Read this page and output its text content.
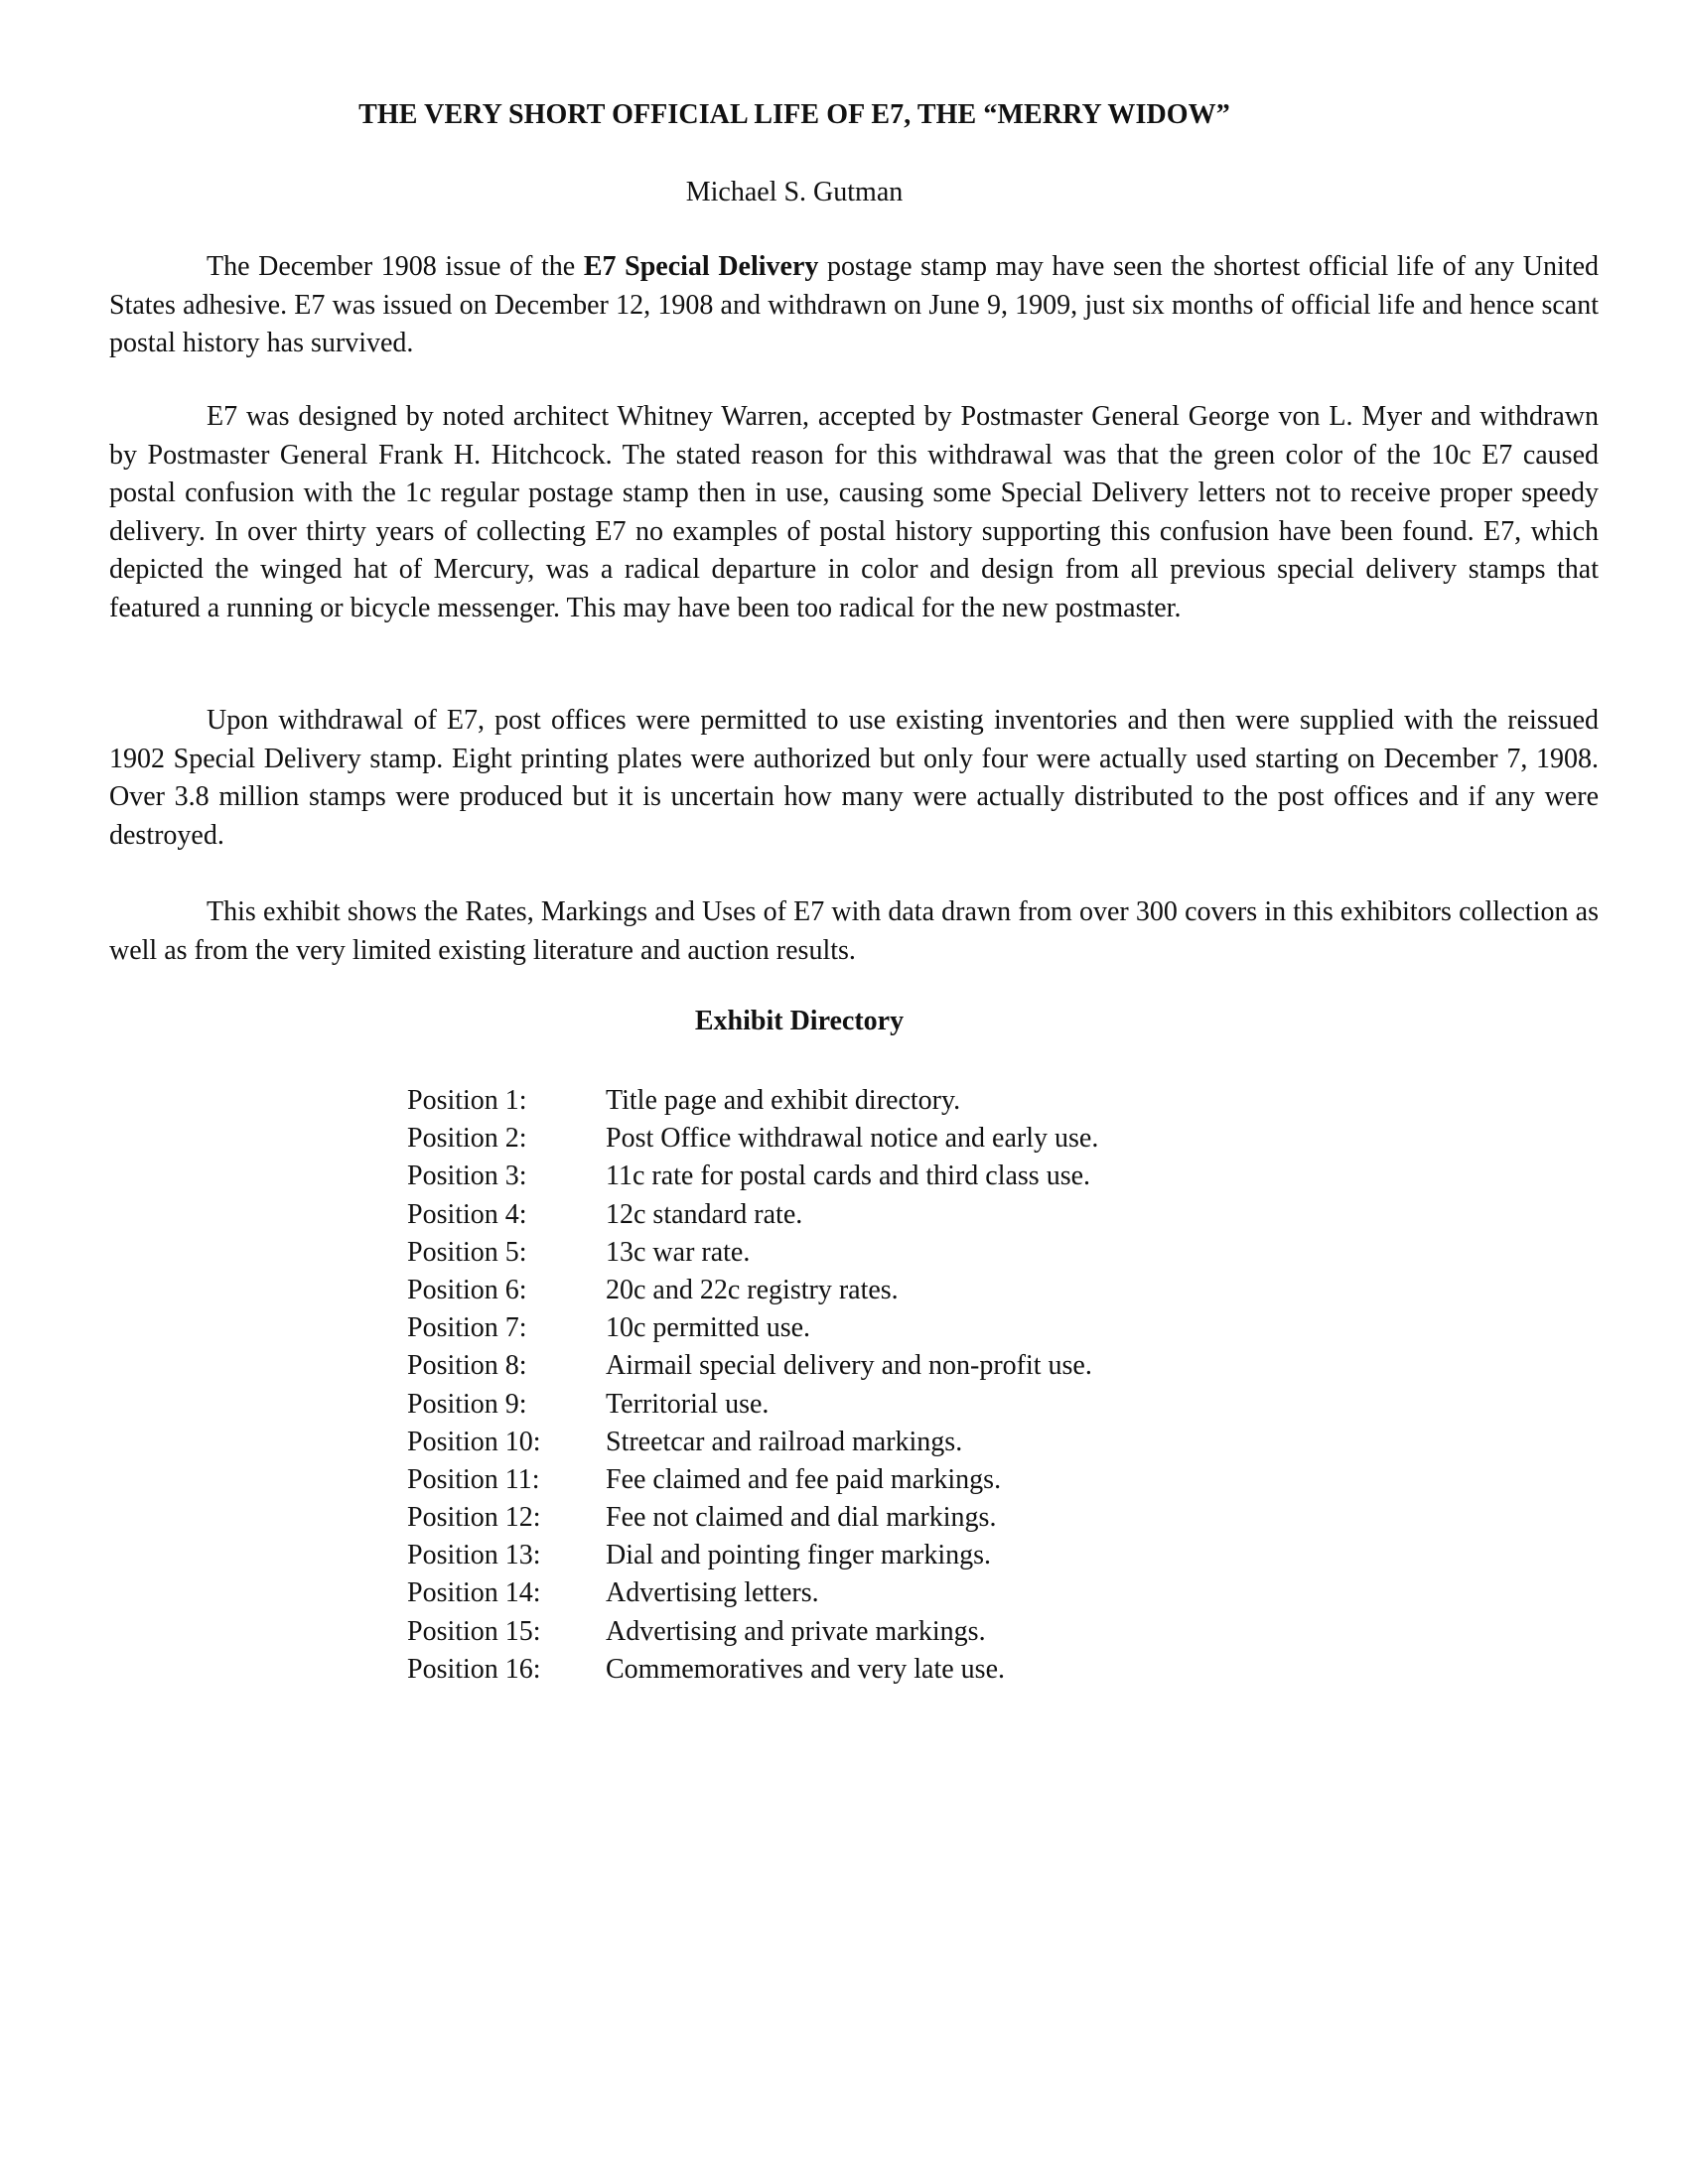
THE VERY SHORT OFFICIAL LIFE OF E7, THE “MERRY WIDOW”

Michael S. Gutman

The December 1908 issue of the E7 Special Delivery postage stamp may have seen the shortest official life of any United States adhesive. E7 was issued on December 12, 1908 and withdrawn on June 9, 1909, just six months of official life and hence scant postal history has survived.

E7 was designed by noted architect Whitney Warren, accepted by Postmaster General George von L. Myer and withdrawn by Postmaster General Frank H. Hitchcock. The stated reason for this withdrawal was that the green color of the 10c E7 caused postal confusion with the 1c regular postage stamp then in use, causing some Special Delivery letters not to receive proper speedy delivery. In over thirty years of collecting E7 no examples of postal history supporting this confusion have been found. E7, which depicted the winged hat of Mercury, was a radical departure in color and design from all previous special delivery stamps that featured a running or bicycle messenger. This may have been too radical for the new postmaster.

Upon withdrawal of E7, post offices were permitted to use existing inventories and then were supplied with the reissued 1902 Special Delivery stamp. Eight printing plates were authorized but only four were actually used starting on December 7, 1908. Over 3.8 million stamps were produced but it is uncertain how many were actually distributed to the post offices and if any were destroyed.

This exhibit shows the Rates, Markings and Uses of E7 with data drawn from over 300 covers in this exhibitors collection as well as from the very limited existing literature and auction results.

Exhibit Directory
Position 1:	Title page and exhibit directory.
Position 2:	Post Office withdrawal notice and early use.
Position 3:	11c rate for postal cards and third class use.
Position 4:	12c standard rate.
Position 5:	13c war rate.
Position 6:	20c and 22c registry rates.
Position 7:	10c permitted use.
Position 8:	Airmail special delivery and non-profit use.
Position 9:	Territorial use.
Position 10: Streetcar and railroad markings.
Position 11: Fee claimed and fee paid markings.
Position 12: Fee not claimed and dial markings.
Position 13: Dial and pointing finger markings.
Position 14: Advertising letters.
Position 15: Advertising and private markings.
Position 16: Commemoratives and very late use.
